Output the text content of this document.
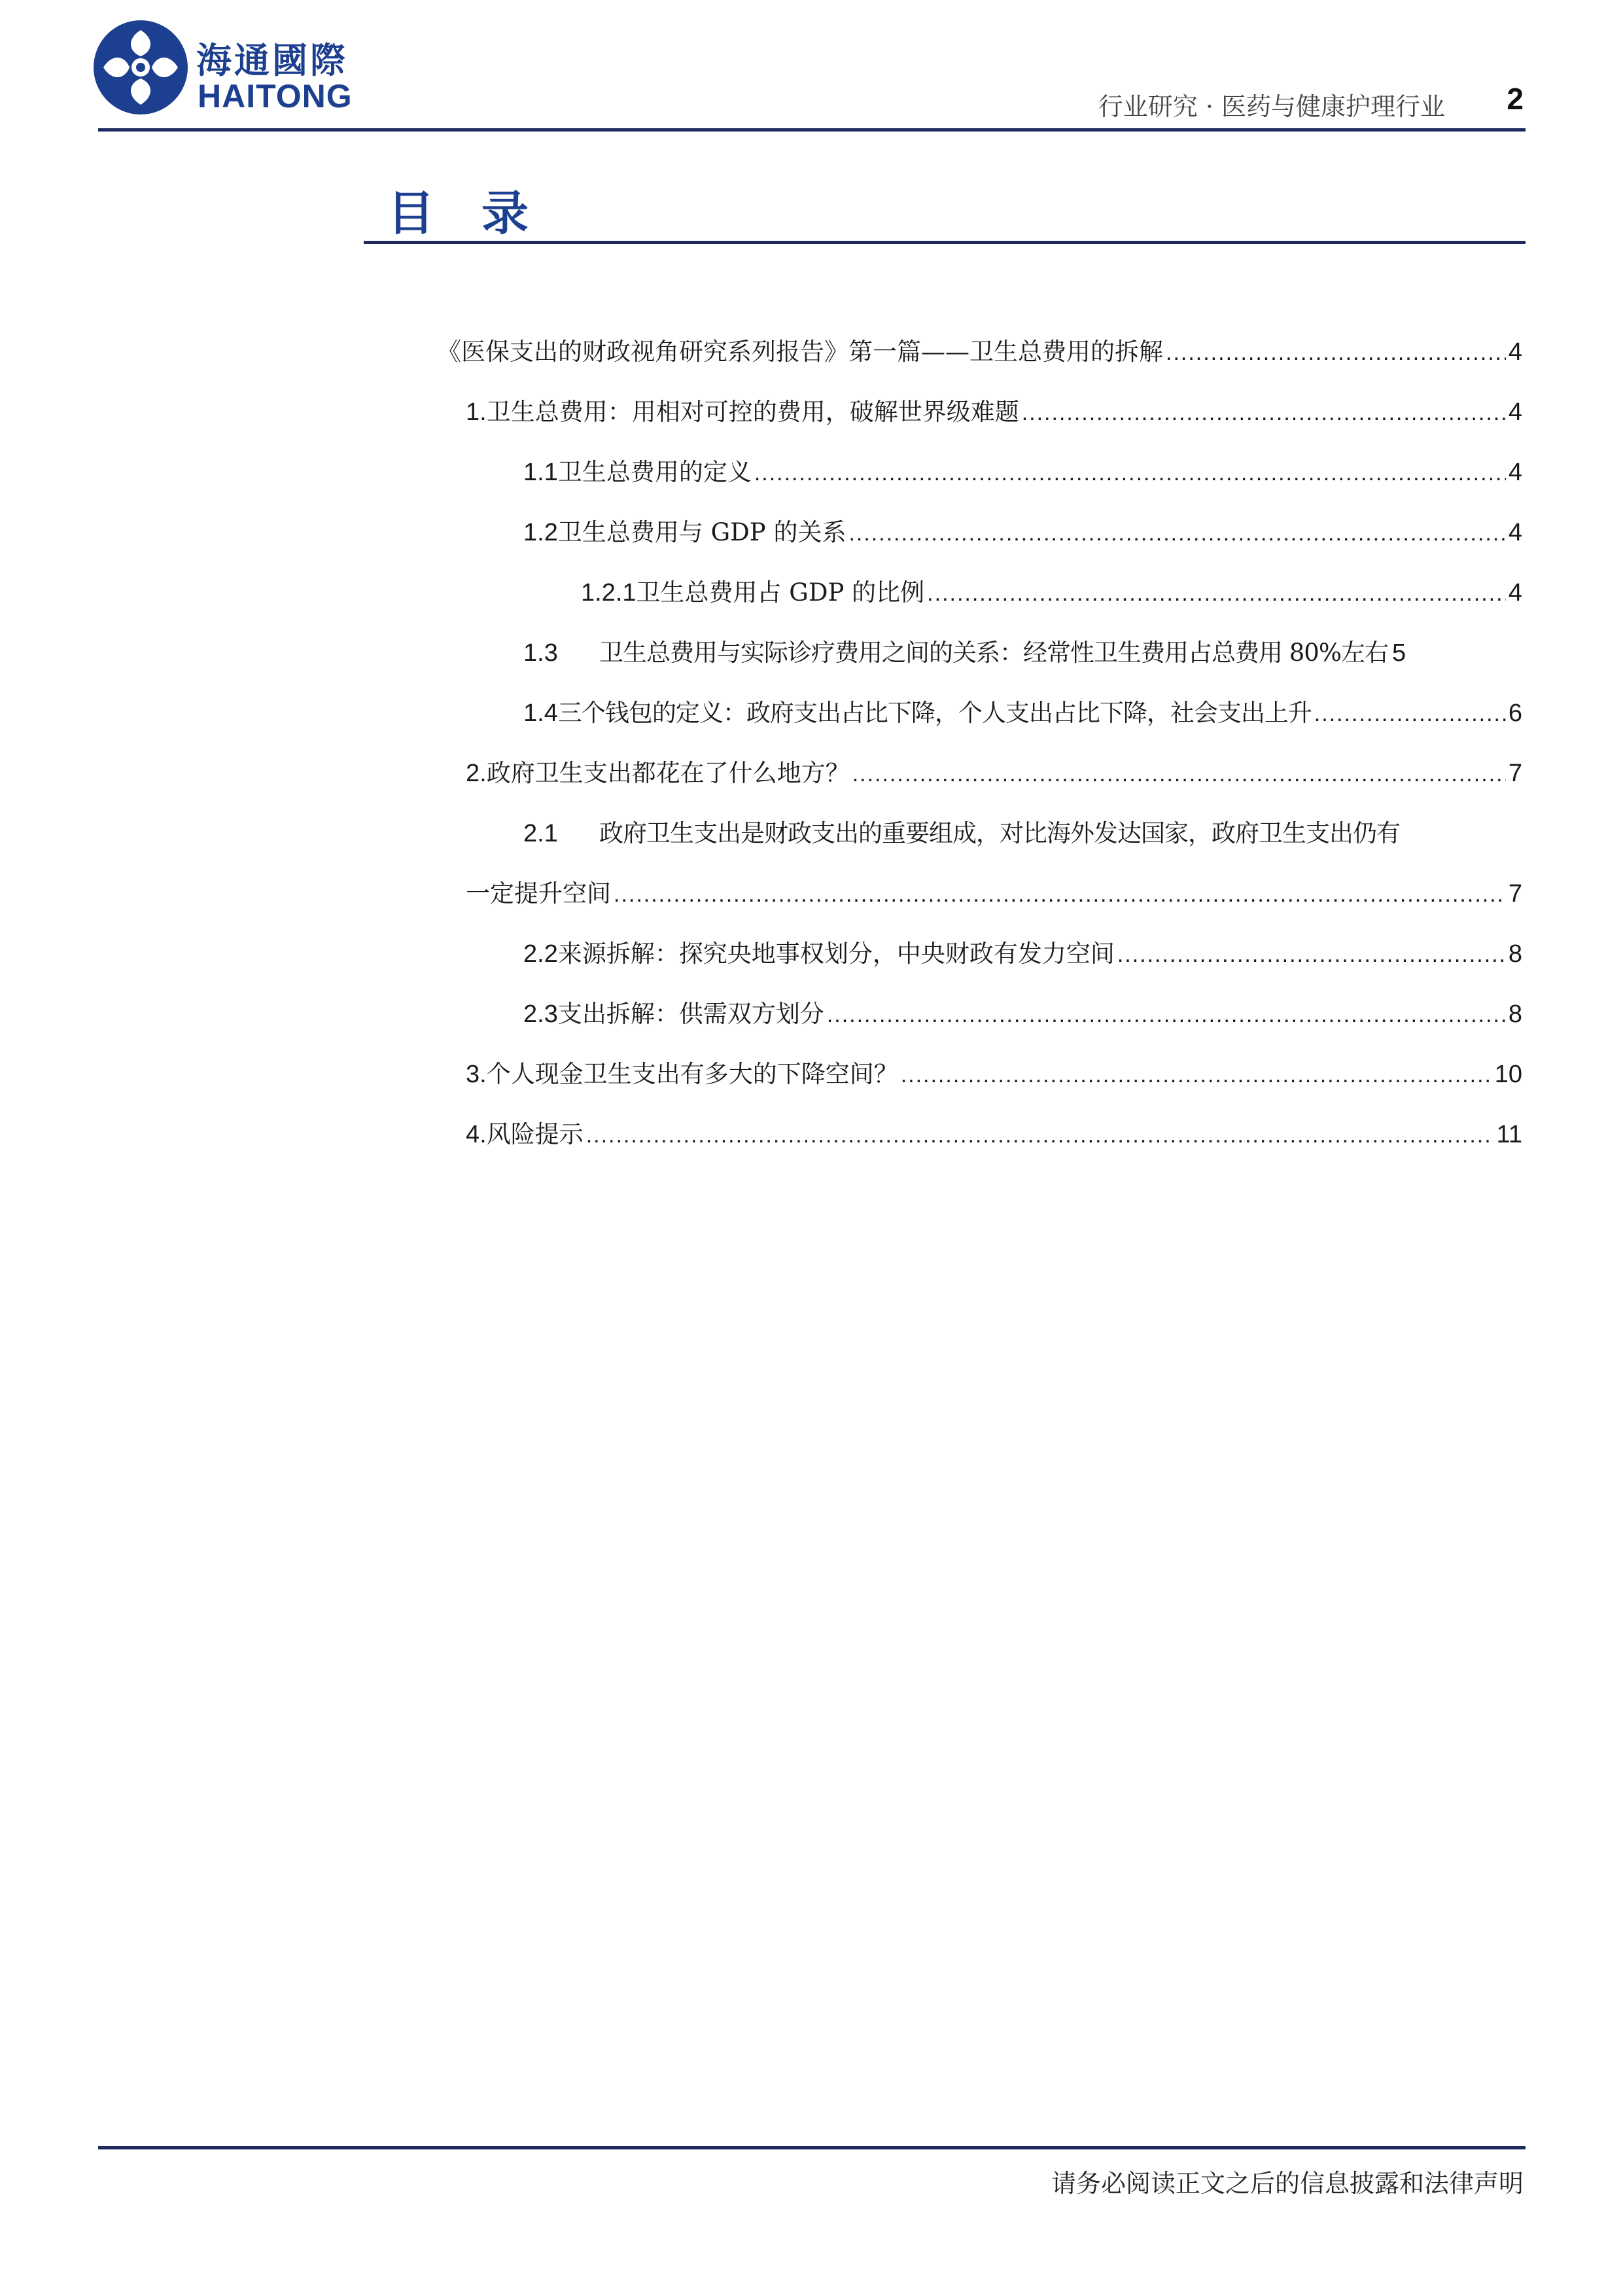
海通國際
HAITONG	行业研究 · 医药与健康护理行业 2
目录
《医保支出的财政视角研究系列报告》第一篇——卫生总费用的拆解 .....	4
1. 卫生总费用：用相对可控的费用，破解世界级难题 .....	4
1.1 卫生总费用的定义 .....	4
1.2 卫生总费用与 GDP 的关系 .....	4
1.2.1 卫生总费用占 GDP 的比例 .....	4
1.3	卫生总费用与实际诊疗费用之间的关系：经常性卫生费用占总费用 80%左右 5
1.4 三个钱包的定义：政府支出占比下降，个人支出占比下降，社会支出上升 .....	6
2. 政府卫生支出都花在了什么地方？ .....	7
2.1	政府卫生支出是财政支出的重要组成，对比海外发达国家，政府卫生支出仍有
一定提升空间 .....	7
2.2 来源拆解：探究央地事权划分，中央财政有发力空间 .....	8
2.3 支出拆解：供需双方划分 .....	8
3. 个人现金卫生支出有多大的下降空间？ .....	10
4. 风险提示 .....	11
请务必阅读正文之后的信息披露和法律声明
